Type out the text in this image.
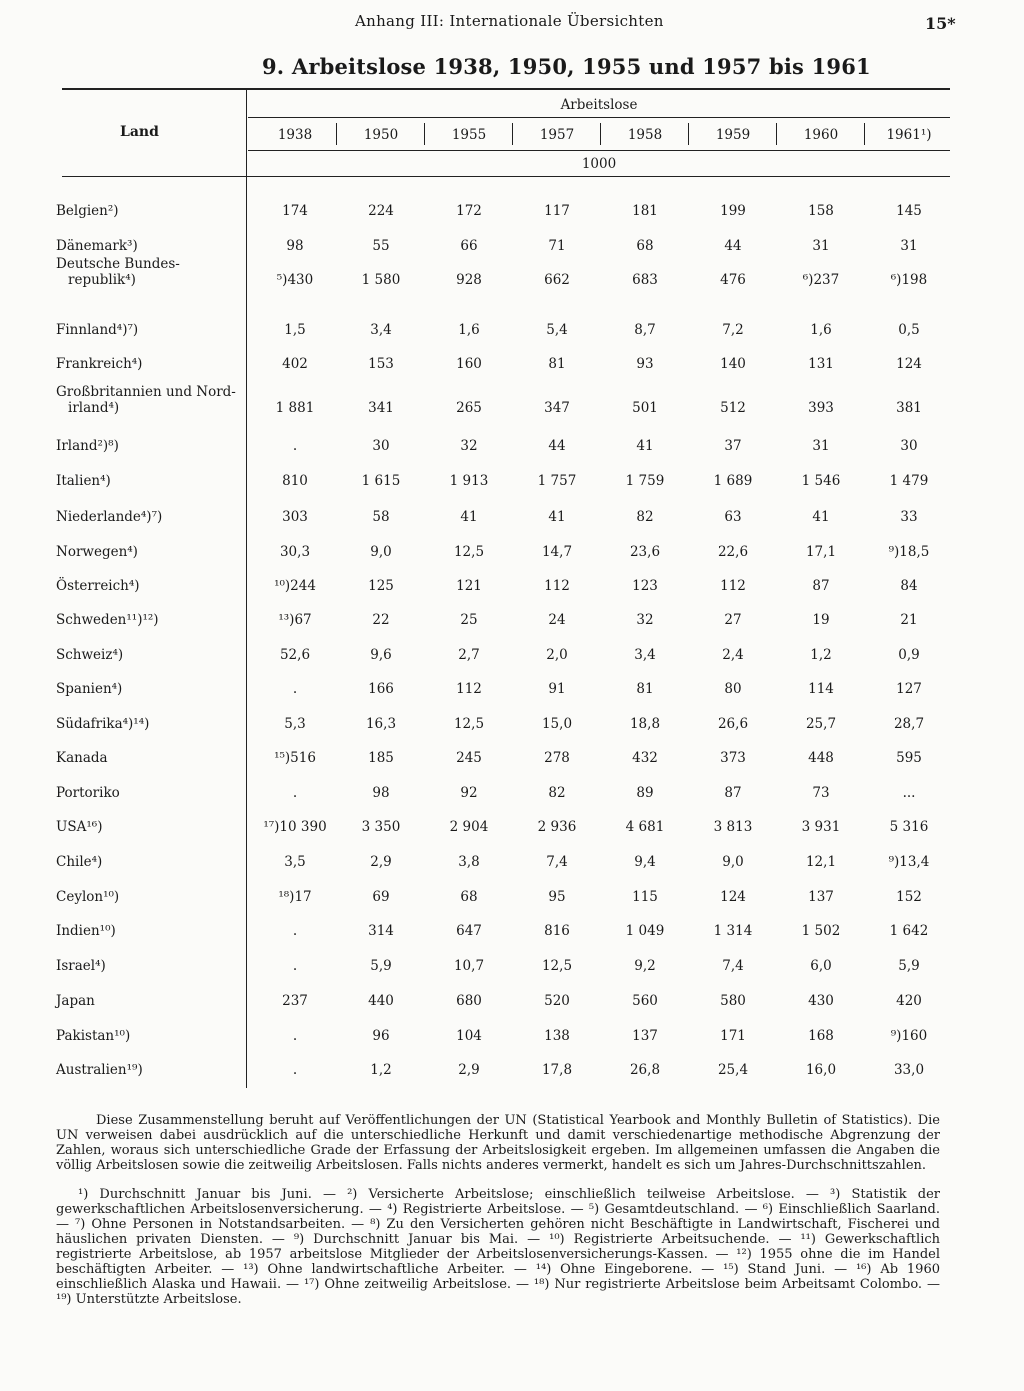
Anhang III: Internationale Übersichten	15*
9. Arbeitslose 1938, 1950, 1955 und 1957 bis 1961
Land
Arbeitslose
1000
1938	1950	1955	1957	1958	1959	1960	1961¹)
Belgien²)	174	224	172	117	181	199	158	145
Dänemark³)	98	55	66	71	68	44	31	31
Deutsche Bundes-
republik⁴)	⁵)430	1 580	928	662	683	476	⁶)237	⁶)198
Finnland⁴)⁷)	1,5	3,4	1,6	5,4	8,7	7,2	1,6	0,5
Frankreich⁴)	402	153	160	81	93	140	131	124
Großbritannien und Nord-
irland⁴)	1 881	341	265	347	501	512	393	381
Irland²)⁸)	.	30	32	44	41	37	31	30
Italien⁴)	810	1 615	1 913	1 757	1 759	1 689	1 546	1 479
Niederlande⁴)⁷)	303	58	41	41	82	63	41	33
Norwegen⁴)	30,3	9,0	12,5	14,7	23,6	22,6	17,1	⁹)18,5
Österreich⁴)	¹⁰)244	125	121	112	123	112	87	84
Schweden¹¹)¹²)	¹³)67	22	25	24	32	27	19	21
Schweiz⁴)	52,6	9,6	2,7	2,0	3,4	2,4	1,2	0,9
Spanien⁴)	.	166	112	91	81	80	114	127
Südafrika⁴)¹⁴)	5,3	16,3	12,5	15,0	18,8	26,6	25,7	28,7
Kanada	¹⁵)516	185	245	278	432	373	448	595
Portoriko	.	98	92	82	89	87	73	...
USA¹⁶)	¹⁷)10 390	3 350	2 904	2 936	4 681	3 813	3 931	5 316
Chile⁴)	3,5	2,9	3,8	7,4	9,4	9,0	12,1	⁹)13,4
Ceylon¹⁰)	¹⁸)17	69	68	95	115	124	137	152
Indien¹⁰)	.	314	647	816	1 049	1 314	1 502	1 642
Israel⁴)	.	5,9	10,7	12,5	9,2	7,4	6,0	5,9
Japan	237	440	680	520	560	580	430	420
Pakistan¹⁰)	.	96	104	138	137	171	168	⁹)160
Australien¹⁹)	.	1,2	2,9	17,8	26,8	25,4	16,0	33,0
Diese Zusammenstellung beruht auf Veröffentlichungen der UN (Statistical Yearbook and Monthly Bulletin of Statistics). Die UN verweisen dabei ausdrücklich auf die unterschiedliche Herkunft und damit verschiedenartige methodische Abgrenzung der Zahlen, woraus sich unterschiedliche Grade der Erfassung der Arbeitslosigkeit ergeben. Im allgemeinen umfassen die Angaben die völlig Arbeitslosen sowie die zeitweilig Arbeitslosen. Falls nichts anderes vermerkt, handelt es sich um Jahres-Durchschnittszahlen.
¹) Durchschnitt Januar bis Juni. — ²) Versicherte Arbeitslose; einschließlich teilweise Arbeitslose. — ³) Statistik der gewerkschaftlichen Arbeitslosenversicherung. — ⁴) Registrierte Arbeitslose. — ⁵) Gesamtdeutschland. — ⁶) Einschließlich Saarland. — ⁷) Ohne Personen in Notstandsarbeiten. — ⁸) Zu den Versicherten gehören nicht Beschäftigte in Landwirtschaft, Fischerei und häuslichen privaten Diensten. — ⁹) Durchschnitt Januar bis Mai. — ¹⁰) Registrierte Arbeitsuchende. — ¹¹) Gewerkschaftlich registrierte Arbeitslose, ab 1957 arbeitslose Mitglieder der Arbeitslosenversicherungs-Kassen. — ¹²) 1955 ohne die im Handel beschäftigten Arbeiter. — ¹³) Ohne landwirtschaftliche Arbeiter. — ¹⁴) Ohne Eingeborene. — ¹⁵) Stand Juni. — ¹⁶) Ab 1960 einschließlich Alaska und Hawaii. — ¹⁷) Ohne zeitweilig Arbeitslose. — ¹⁸) Nur registrierte Arbeitslose beim Arbeitsamt Colombo. — ¹⁹) Unterstützte Arbeitslose.
